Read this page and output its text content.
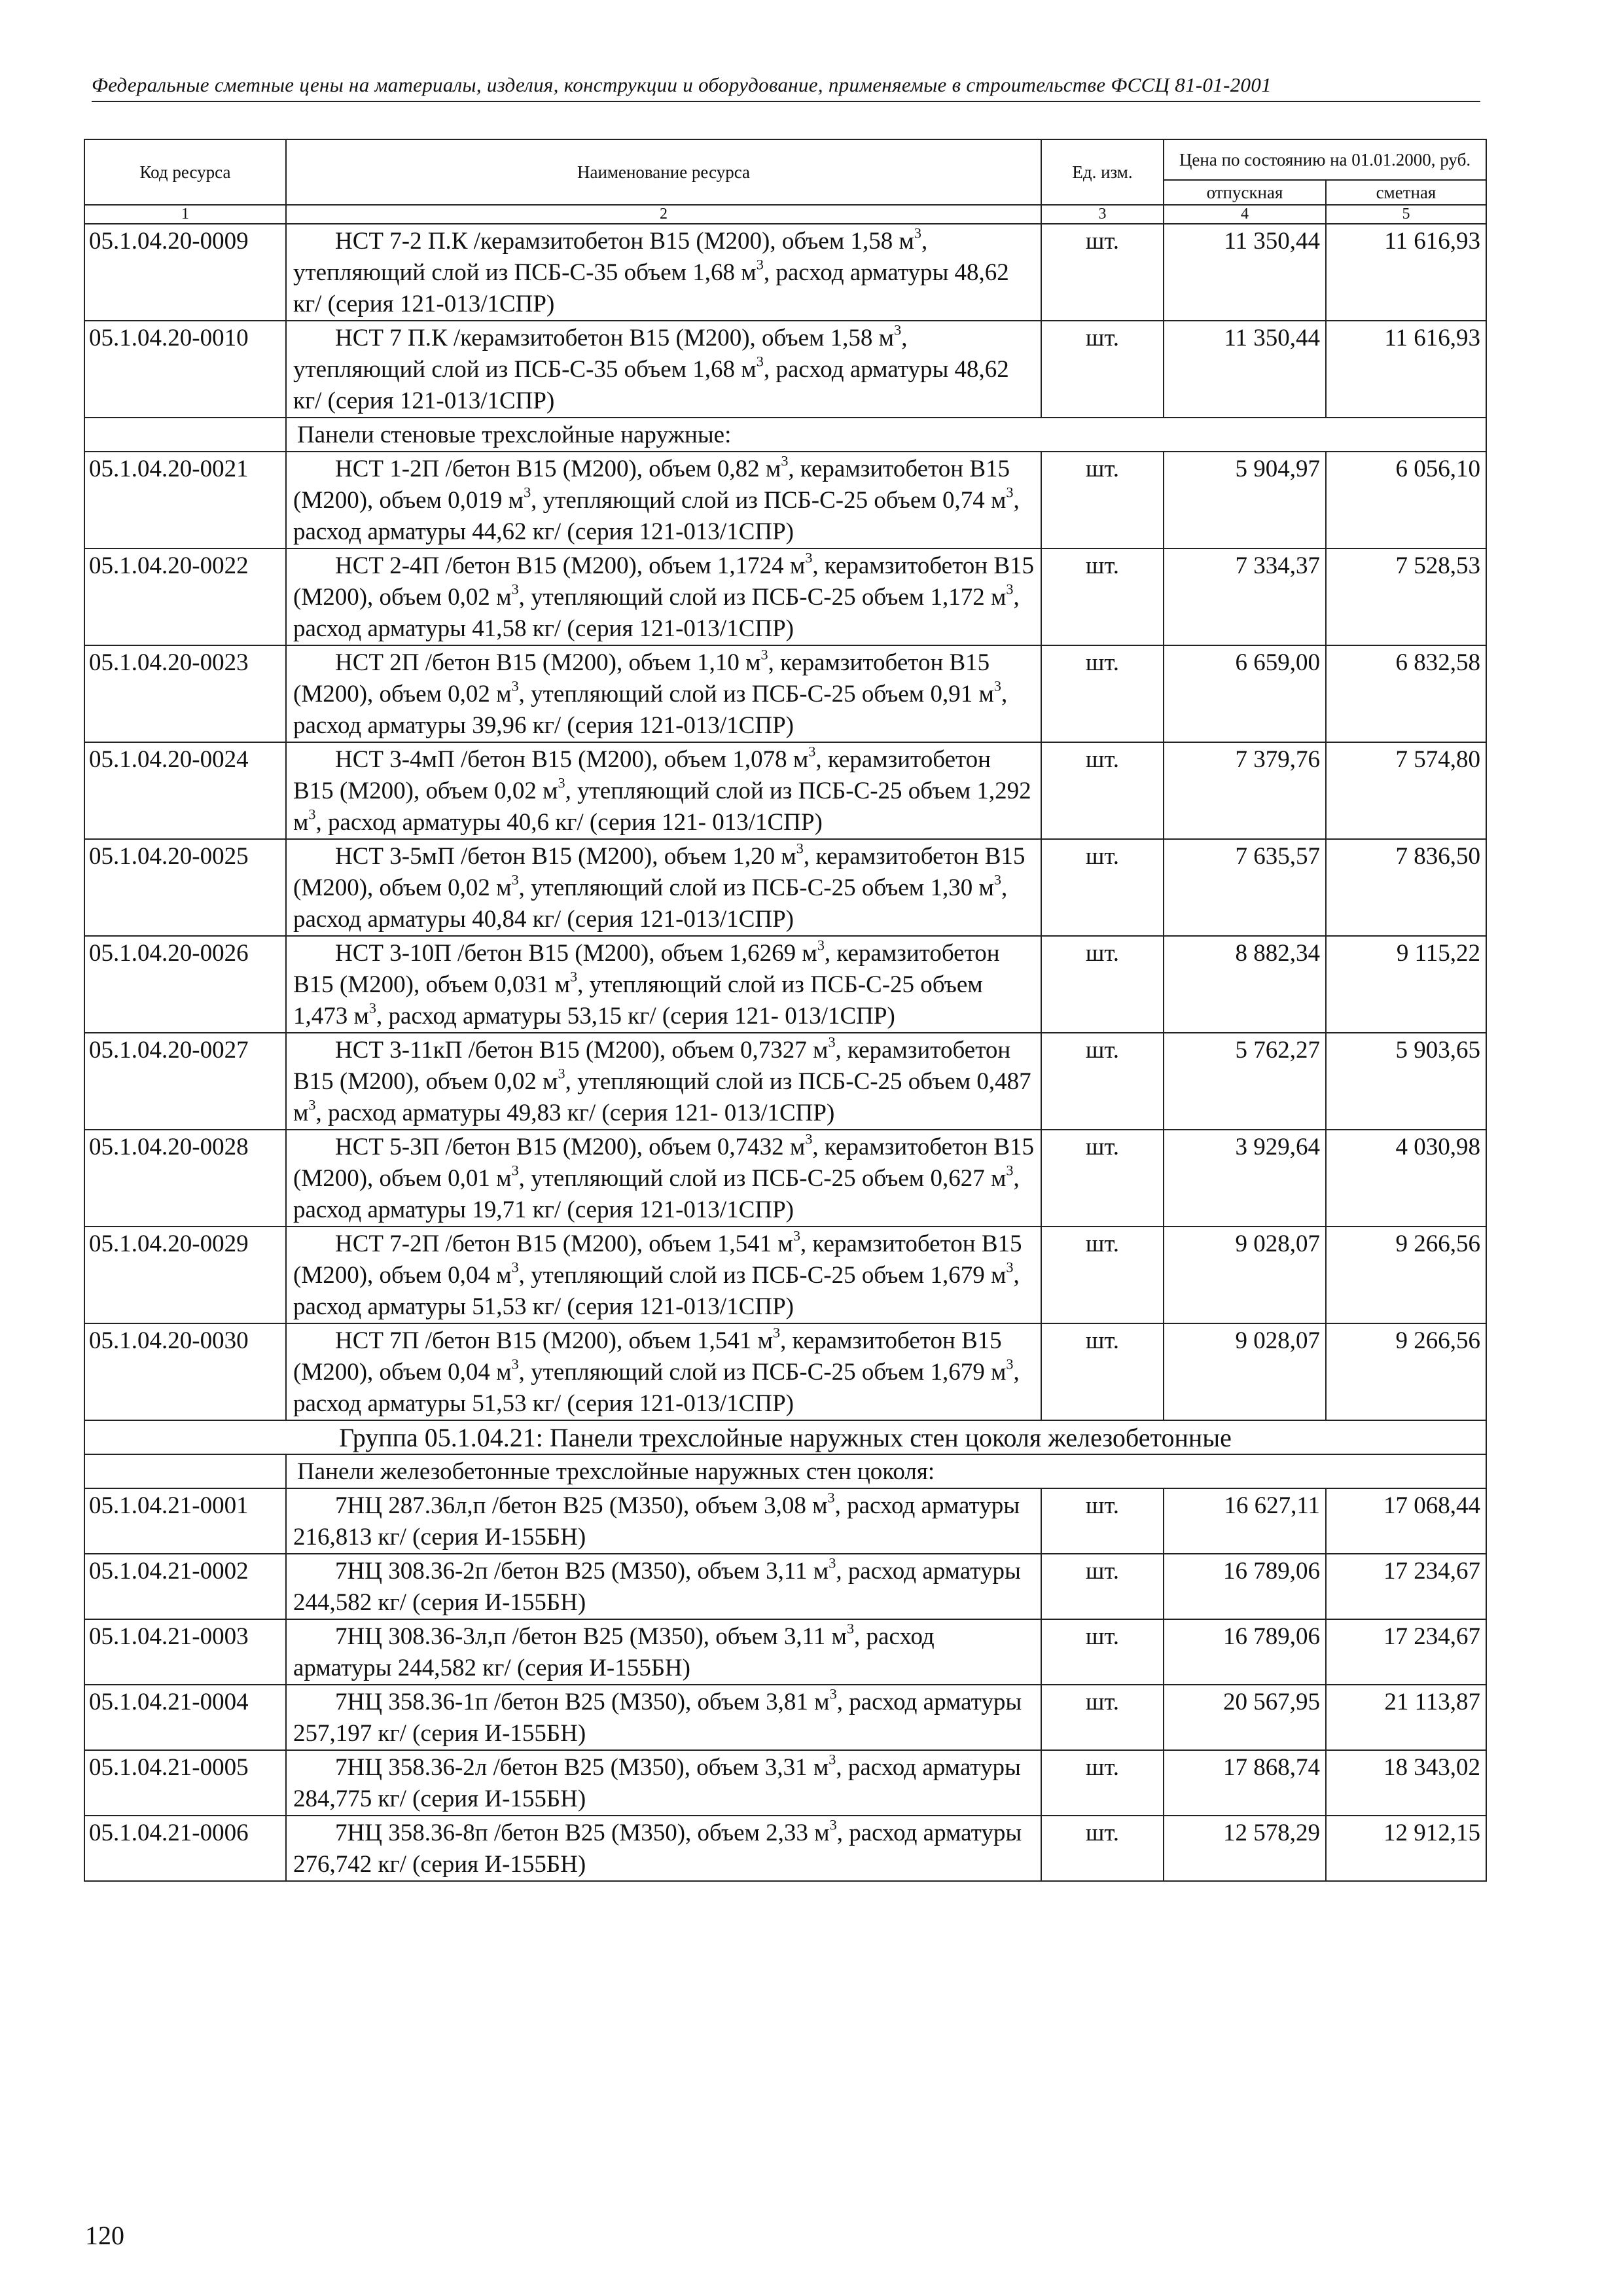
Федеральные сметные цены на материалы, изделия, конструкции и оборудование, применяемые в строительстве ФССЦ 81-01-2001
Код ресурса	Наименование ресурса	Ед. изм.	Цена по состоянию на 01.01.2000, руб.	
			отпускная	сметная
1	2	3	4	5
05.1.04.20-0009	НСТ 7-2 П.К /керамзитобетон В15 (М200), объем 1,58 $м^3$, утепляющий слой из ПСБ-С-35 объем 1,68 $м^3$, расход арматуры 48,62 кг/ (серия 121-013/1СПР)	шт.	11 350,44	11 616,93
05.1.04.20-0010	НСТ 7 П.К /керамзитобетон В15 (М200), объем 1,58 $м^3$, утепляющий слой из ПСБ-С-35 объем 1,68 $м^3$, расход арматуры 48,62 кг/ (серия 121-013/1СПР)	шт.	11 350,44	11 616,93
	Панели стеновые трехслойные наружные:			
05.1.04.20-0021	НСТ 1-2П /бетон В15 (М200), объем 0,82 $м^3$, керамзитобетон В15 (М200), объем 0,019 $м^3$, утепляющий слой из ПСБ-С-25 объем 0,74 $м^3$, расход арматуры 44,62 кг/ (серия 121-013/1СПР)	шт.	5 904,97	6 056,10
05.1.04.20-0022	НСТ 2-4П /бетон В15 (М200), объем 1,1724 $м^3$, керамзитобетон В15 (М200), объем 0,02 $м^3$, утепляющий слой из ПСБ-С-25 объем 1,172 $м^3$, расход арматуры 41,58 кг/ (серия 121-013/1СПР)	шт.	7 334,37	7 528,53
05.1.04.20-0023	НСТ 2П /бетон В15 (М200), объем 1,10 $м^3$, керамзитобетон В15 (М200), объем 0,02 $м^3$, утепляющий слой из ПСБ-С-25 объем 0,91 $м^3$, расход арматуры 39,96 кг/ (серия 121-013/1СПР)	шт.	6 659,00	6 832,58
05.1.04.20-0024	НСТ 3-4мП /бетон В15 (М200), объем 1,078 $м^3$, керамзитобетон В15 (М200), объем 0,02 $м^3$, утепляющий слой из ПСБ-С-25 объем 1,292 $м^3$, расход арматуры 40,6 кг/ (серия 121- 013/1СПР)	шт.	7 379,76	7 574,80
05.1.04.20-0025	НСТ 3-5мП /бетон В15 (М200), объем 1,20 $м^3$, керамзитобетон В15 (М200), объем 0,02 $м^3$, утепляющий слой из ПСБ-С-25 объем 1,30 $м^3$, расход арматуры 40,84 кг/ (серия 121-013/1СПР)	шт.	7 635,57	7 836,50
05.1.04.20-0026	НСТ 3-10П /бетон В15 (М200), объем 1,6269 $м^3$, керамзитобетон В15 (М200), объем 0,031 $м^3$, утепляющий слой из ПСБ-С-25 объем 1,473 $м^3$, расход арматуры 53,15 кг/ (серия 121- 013/1СПР)	шт.	8 882,34	9 115,22
05.1.04.20-0027	НСТ 3-11кП /бетон В15 (М200), объем 0,7327 $м^3$, керамзитобетон В15 (М200), объем 0,02 $м^3$, утепляющий слой из ПСБ-С-25 объем 0,487 $м^3$, расход арматуры 49,83 кг/ (серия 121- 013/1СПР)	шт.	5 762,27	5 903,65
05.1.04.20-0028	НСТ 5-3П /бетон В15 (М200), объем 0,7432 $м^3$, керамзитобетон В15 (М200), объем 0,01 $м^3$, утепляющий слой из ПСБ-С-25 объем 0,627 $м^3$, расход арматуры 19,71 кг/ (серия 121-013/1СПР)	шт.	3 929,64	4 030,98
05.1.04.20-0029	НСТ 7-2П /бетон В15 (М200), объем 1,541 $м^3$, керамзитобетон В15 (М200), объем 0,04 $м^3$, утепляющий слой из ПСБ-С-25 объем 1,679 $м^3$, расход арматуры 51,53 кг/ (серия 121-013/1СПР)	шт.	9 028,07	9 266,56
05.1.04.20-0030	НСТ 7П /бетон В15 (М200), объем 1,541 $м^3$, керамзитобетон В15 (М200), объем 0,04 $м^3$, утепляющий слой из ПСБ-С-25 объем 1,679 $м^3$, расход арматуры 51,53 кг/ (серия 121-013/1СПР)	шт.	9 028,07	9 266,56
Группа 05.1.04.21: Панели трехслойные наружных стен цоколя железобетонные				
	Панели железобетонные трехслойные наружных стен цоколя:			
05.1.04.21-0001	7НЦ 287.36л,п /бетон В25 (М350), объем 3,08 $м^3$, расход арматуры 216,813 кг/ (серия И-155БН)	шт.	16 627,11	17 068,44
05.1.04.21-0002	7НЦ 308.36-2п /бетон В25 (М350), объем 3,11 $м^3$, расход арматуры 244,582 кг/ (серия И-155БН)	шт.	16 789,06	17 234,67
05.1.04.21-0003	7НЦ 308.36-3л,п /бетон В25 (М350), объем 3,11 $м^3$, расход арматуры 244,582 кг/ (серия И-155БН)	шт.	16 789,06	17 234,67
05.1.04.21-0004	7НЦ 358.36-1п /бетон В25 (М350), объем 3,81 $м^3$, расход арматуры 257,197 кг/ (серия И-155БН)	шт.	20 567,95	21 113,87
05.1.04.21-0005	7НЦ 358.36-2л /бетон В25 (М350), объем 3,31 $м^3$, расход арматуры 284,775 кг/ (серия И-155БН)	шт.	17 868,74	18 343,02
05.1.04.21-0006	7НЦ 358.36-8п /бетон В25 (М350), объем 2,33 $м^3$, расход арматуры 276,742 кг/ (серия И-155БН)	шт.	12 578,29	12 912,15
120
